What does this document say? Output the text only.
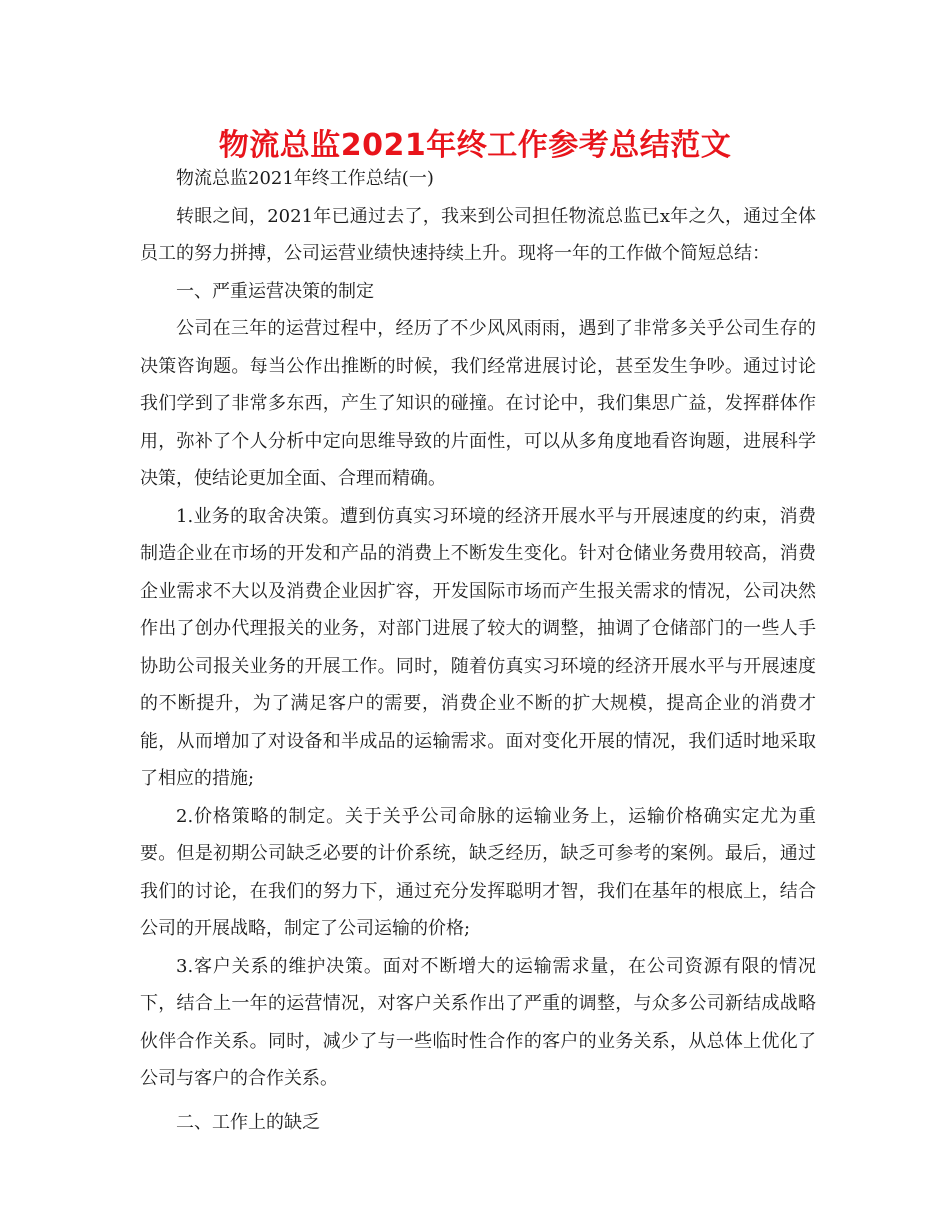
物流总监2021年终工作参考总结范文

物流总监2021年终工作总结(一)

转眼之间，2021年已通过去了，我来到公司担任物流总监已x年之久，通过全体员工的努力拼搏，公司运营业绩快速持续上升。现将一年的工作做个简短总结：

一、严重运营决策的制定

公司在三年的运营过程中，经历了不少风风雨雨，遇到了非常多关乎公司生存的决策咨询题。每当公作出推断的时候，我们经常进展讨论，甚至发生争吵。通过讨论我们学到了非常多东西，产生了知识的碰撞。在讨论中，我们集思广益，发挥群体作用，弥补了个人分析中定向思维导致的片面性，可以从多角度地看咨询题，进展科学决策，使结论更加全面、合理而精确。

1.业务的取舍决策。遭到仿真实习环境的经济开展水平与开展速度的约束，消费制造企业在市场的开发和产品的消费上不断发生变化。针对仓储业务费用较高，消费企业需求不大以及消费企业因扩容，开发国际市场而产生报关需求的情况，公司决然作出了创办代理报关的业务，对部门进展了较大的调整，抽调了仓储部门的一些人手协助公司报关业务的开展工作。同时，随着仿真实习环境的经济开展水平与开展速度的不断提升，为了满足客户的需要，消费企业不断的扩大规模，提高企业的消费才能，从而增加了对设备和半成品的运输需求。面对变化开展的情况，我们适时地采取了相应的措施;

2.价格策略的制定。关于关乎公司命脉的运输业务上，运输价格确实定尤为重要。但是初期公司缺乏必要的计价系统，缺乏经历，缺乏可参考的案例。最后，通过我们的讨论，在我们的努力下，通过充分发挥聪明才智，我们在基年的根底上，结合公司的开展战略，制定了公司运输的价格;

3.客户关系的维护决策。面对不断增大的运输需求量，在公司资源有限的情况下，结合上一年的运营情况，对客户关系作出了严重的调整，与众多公司新结成战略伙伴合作关系。同时，减少了与一些临时性合作的客户的业务关系，从总体上优化了公司与客户的合作关系。

二、工作上的缺乏
